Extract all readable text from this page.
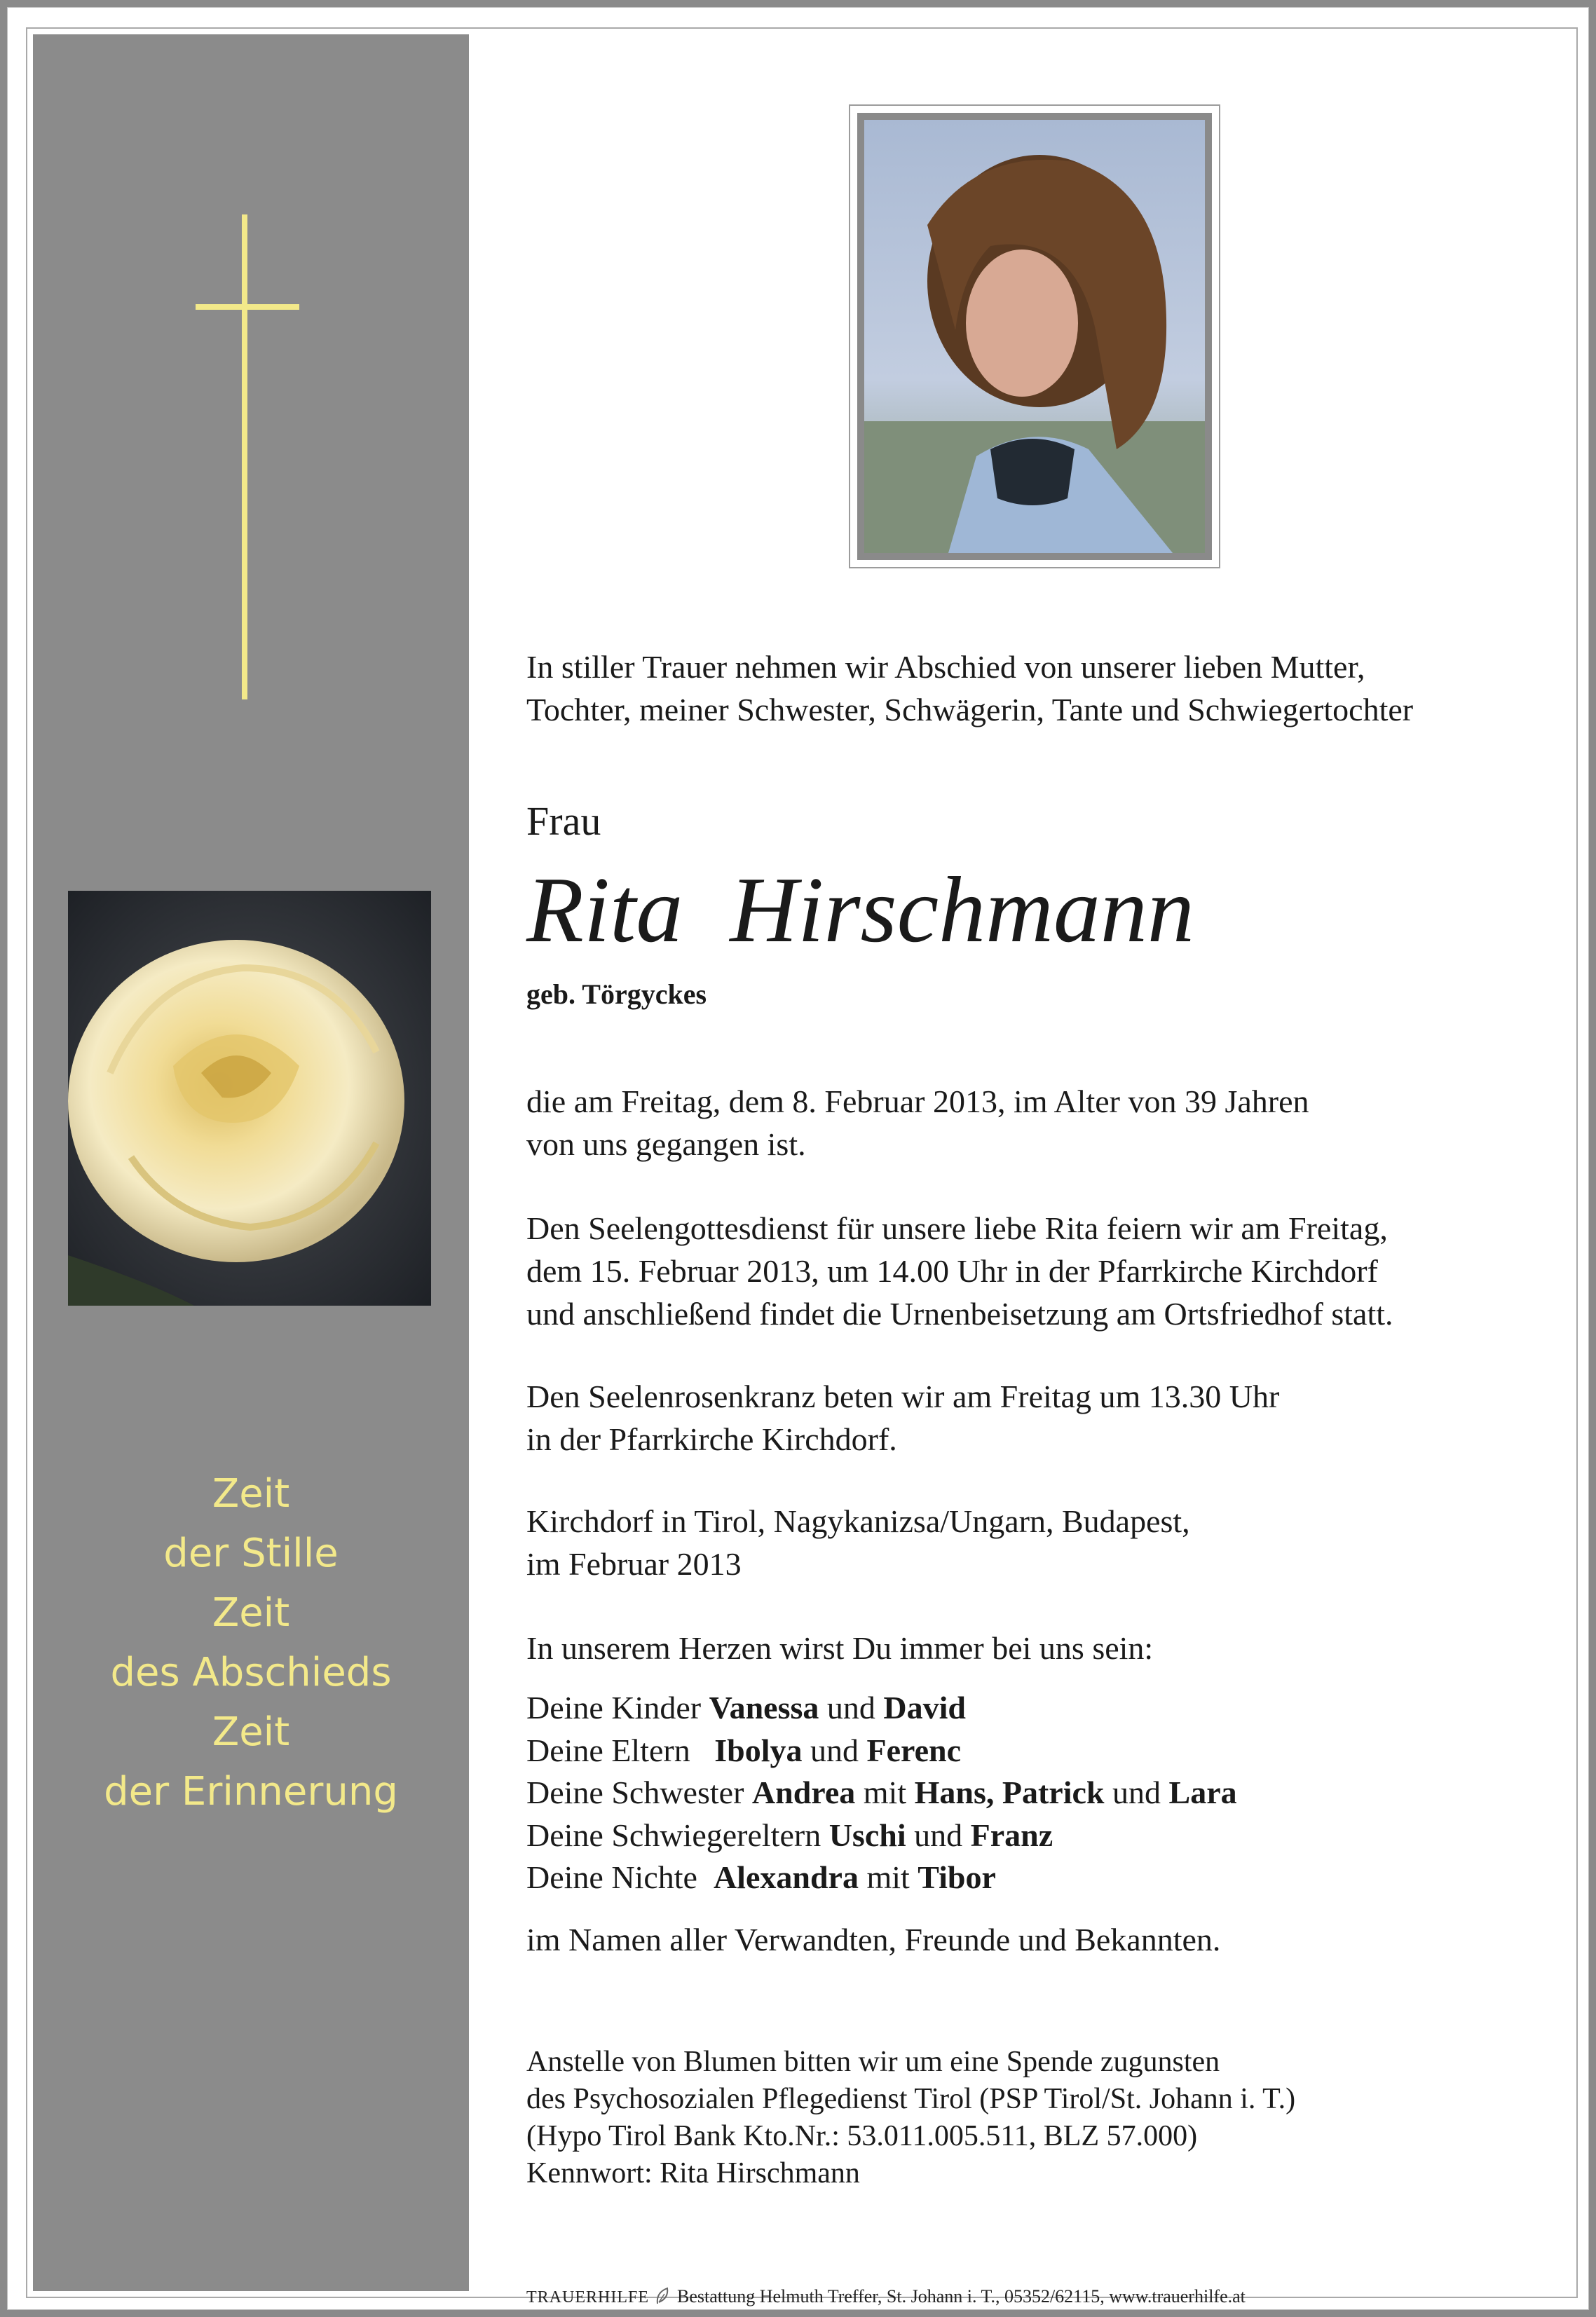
Zeit
der Stille
Zeit
des Abschieds
Zeit
der Erinnerung
In stiller Trauer nehmen wir Abschied von unserer lieben Mutter,
Tochter, meiner Schwester, Schwägerin, Tante und Schwiegertochter
Frau
Rita  Hirschmann
geb. Törgyckes
die am Freitag, dem 8. Februar 2013, im Alter von 39 Jahren
von uns gegangen ist.
Den Seelengottesdienst für unsere liebe Rita feiern wir am Freitag,
dem 15. Februar 2013, um 14.00 Uhr in der Pfarrkirche Kirchdorf
und anschließend findet die Urnenbeisetzung am Ortsfriedhof statt.
Den Seelenrosenkranz beten wir am Freitag um 13.30 Uhr
in der Pfarrkirche Kirchdorf.
Kirchdorf in Tirol, Nagykanizsa/Ungarn, Budapest,
im Februar 2013
In unserem Herzen wirst Du immer bei uns sein:
Deine Kinder Vanessa und David
Deine Eltern   Ibolya und Ferenc
Deine Schwester Andrea mit Hans, Patrick und Lara
Deine Schwiegereltern Uschi und Franz
Deine Nichte  Alexandra mit Tibor
im Namen aller Verwandten, Freunde und Bekannten.
Anstelle von Blumen bitten wir um eine Spende zugunsten
des Psychosozialen Pflegedienst Tirol (PSP Tirol/St. Johann i. T.)
(Hypo Tirol Bank Kto.Nr.: 53.011.005.511, BLZ 57.000)
Kennwort: Rita Hirschmann
TRAUERHILFE Bestattung Helmuth Treffer, St. Johann i. T., 05352/62115, www.trauerhilfe.at
